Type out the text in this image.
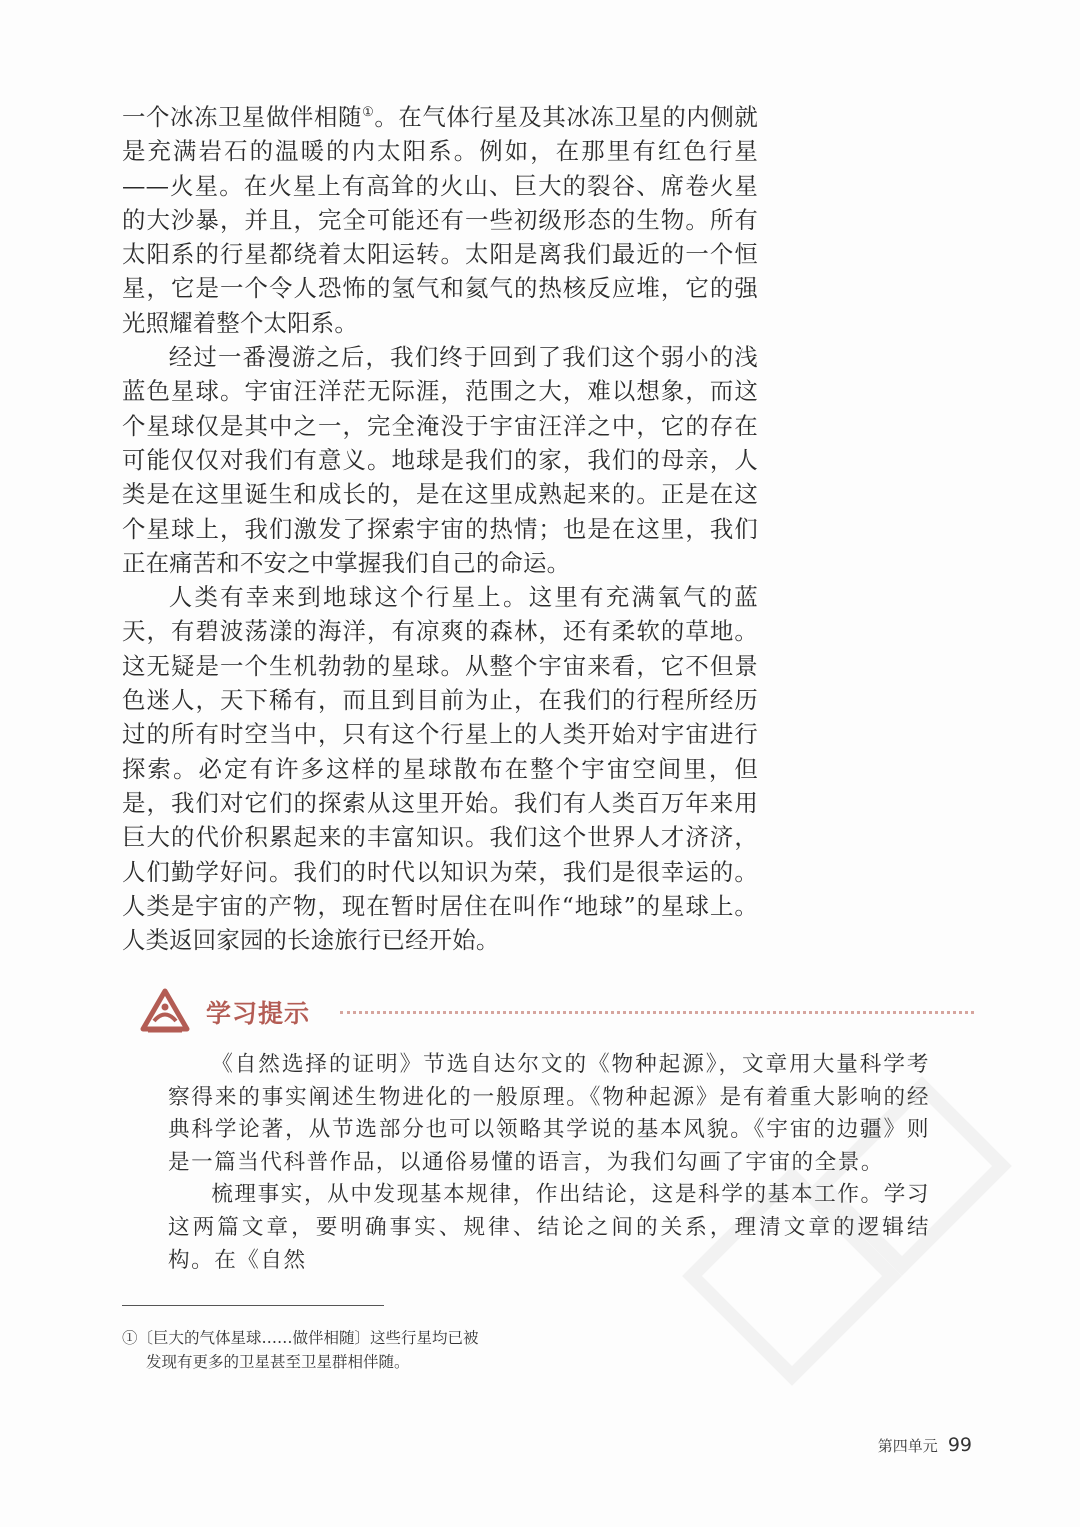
一个冰冻卫星做伴相随①。在气体行星及其冰冻卫星的内侧就是充满岩石的温暖的内太阳系。例如，在那里有红色行星——火星。在火星上有高耸的火山、巨大的裂谷、席卷火星的大沙暴，并且，完全可能还有一些初级形态的生物。所有太阳系的行星都绕着太阳运转。太阳是离我们最近的一个恒星，它是一个令人恐怖的氢气和氦气的热核反应堆，它的强光照耀着整个太阳系。

经过一番漫游之后，我们终于回到了我们这个弱小的浅蓝色星球。宇宙汪洋茫无际涯，范围之大，难以想象，而这个星球仅是其中之一，完全淹没于宇宙汪洋之中，它的存在可能仅仅对我们有意义。地球是我们的家，我们的母亲，人类是在这里诞生和成长的，是在这里成熟起来的。正是在这个星球上，我们激发了探索宇宙的热情；也是在这里，我们正在痛苦和不安之中掌握我们自己的命运。

人类有幸来到地球这个行星上。这里有充满氧气的蓝天，有碧波荡漾的海洋，有凉爽的森林，还有柔软的草地。这无疑是一个生机勃勃的星球。从整个宇宙来看，它不但景色迷人，天下稀有，而且到目前为止，在我们的行程所经历过的所有时空当中，只有这个行星上的人类开始对宇宙进行探索。必定有许多这样的星球散布在整个宇宙空间里，但是，我们对它们的探索从这里开始。我们有人类百万年来用巨大的代价积累起来的丰富知识。我们这个世界人才济济，人们勤学好问。我们的时代以知识为荣，我们是很幸运的。人类是宇宙的产物，现在暂时居住在叫作“地球”的星球上。人类返回家园的长途旅行已经开始。

学习提示

《自然选择的证明》节选自达尔文的《物种起源》，文章用大量科学考察得来的事实阐述生物进化的一般原理。《物种起源》是有着重大影响的经典科学论著，从节选部分也可以领略其学说的基本风貌。《宇宙的边疆》则是一篇当代科普作品，以通俗易懂的语言，为我们勾画了宇宙的全景。

梳理事实，从中发现基本规律，作出结论，这是科学的基本工作。学习这两篇文章，要明确事实、规律、结论之间的关系，理清文章的逻辑结构。在《自然

①〔巨大的气体星球……做伴相随〕这些行星均已被
发现有更多的卫星甚至卫星群相伴随。
第四单元 99
